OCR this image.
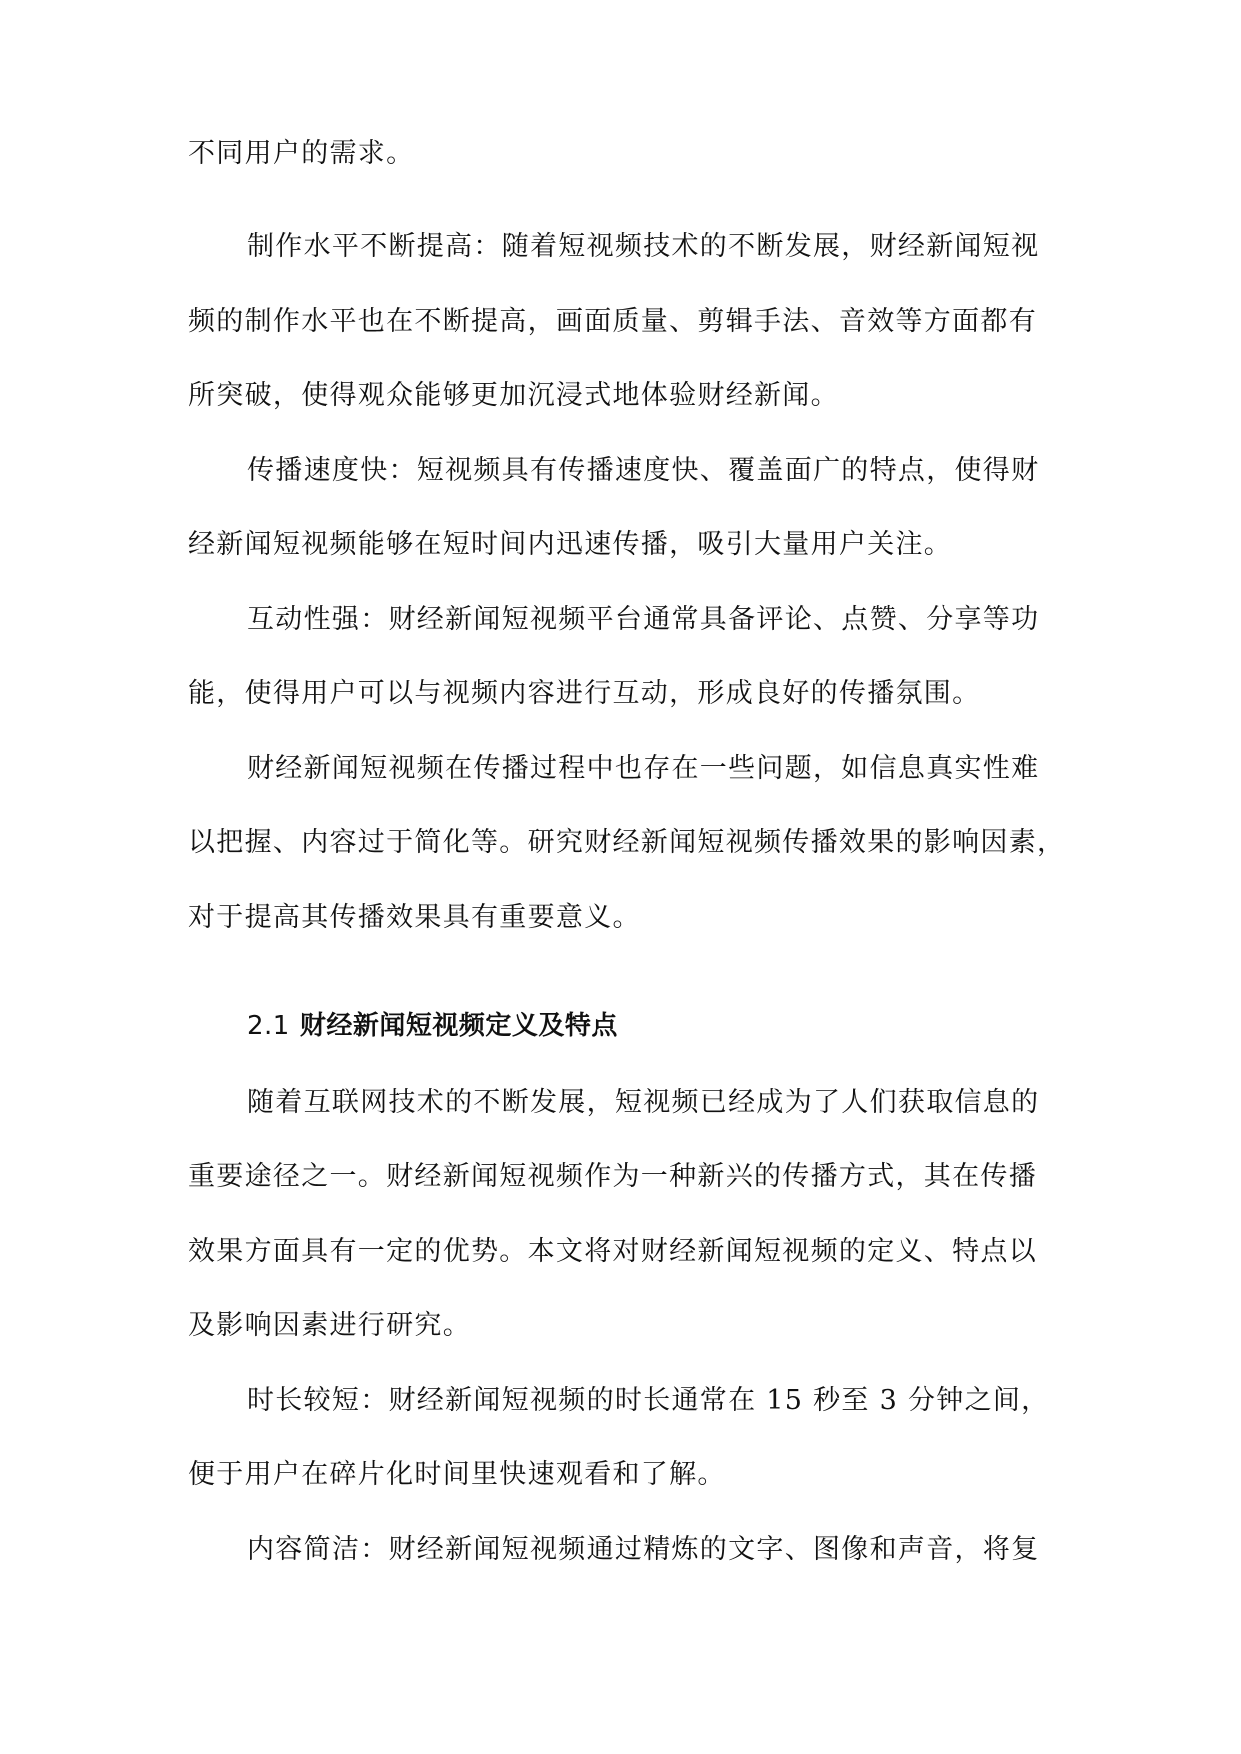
不同用户的需求。
制作水平不断提高：随着短视频技术的不断发展，财经新闻短视
频的制作水平也在不断提高，画面质量、剪辑手法、音效等方面都有
所突破，使得观众能够更加沉浸式地体验财经新闻。
传播速度快：短视频具有传播速度快、覆盖面广的特点，使得财
经新闻短视频能够在短时间内迅速传播，吸引大量用户关注。
互动性强：财经新闻短视频平台通常具备评论、点赞、分享等功
能，使得用户可以与视频内容进行互动，形成良好的传播氛围。
财经新闻短视频在传播过程中也存在一些问题，如信息真实性难
以把握、内容过于简化等。研究财经新闻短视频传播效果的影响因素，
对于提高其传播效果具有重要意义。
2.1 财经新闻短视频定义及特点
随着互联网技术的不断发展，短视频已经成为了人们获取信息的
重要途径之一。财经新闻短视频作为一种新兴的传播方式，其在传播
效果方面具有一定的优势。本文将对财经新闻短视频的定义、特点以
及影响因素进行研究。
时长较短：财经新闻短视频的时长通常在 15 秒至 3 分钟之间，
便于用户在碎片化时间里快速观看和了解。
内容简洁：财经新闻短视频通过精炼的文字、图像和声音，将复
